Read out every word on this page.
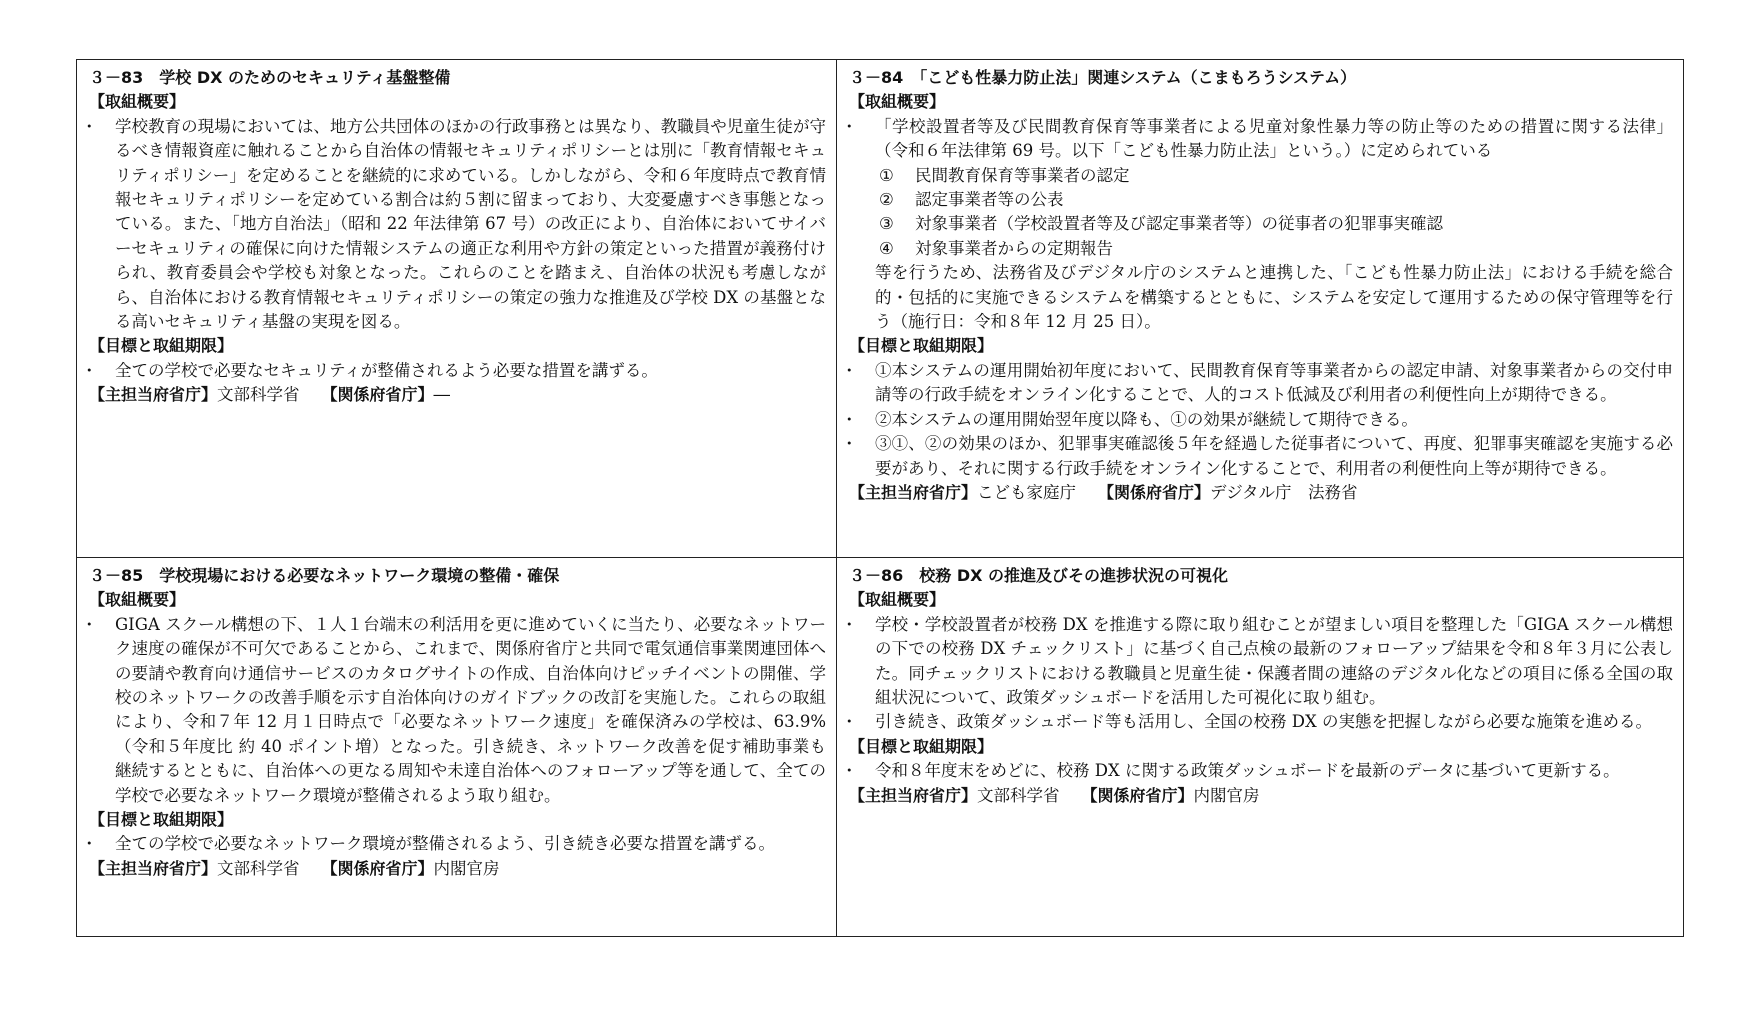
３－83　学校 DX のためのセキュリティ基盤整備
【取組概要】
・ 学校教育の現場においては、地方公共団体のほかの行政事務とは異なり、教職員や児童生徒が守るべき情報資産に触れることから自治体の情報セキュリティポリシーとは別に「教育情報セキュリティポリシー」を定めることを継続的に求めている。しかしながら、令和６年度時点で教育情報セキュリティポリシーを定めている割合は約５割に留まっており、大変憂慮すべき事態となっている。また、「地方自治法」（昭和 22 年法律第 67 号）の改正により、自治体においてサイバーセキュリティの確保に向けた情報システムの適正な利用や方針の策定といった措置が義務付けられ、教育委員会や学校も対象となった。これらのことを踏まえ、自治体の状況も考慮しながら、自治体における教育情報セキュリティポリシーの策定の強力な推進及び学校 DX の基盤となる高いセキュリティ基盤の実現を図る。
【目標と取組期限】
・ 全ての学校で必要なセキュリティが整備されるよう必要な措置を講ずる。
【主担当府省庁】文部科学省 【関係府省庁】―
３－84　「こども性暴力防止法」関連システム（こまもろうシステム）
【取組概要】
・ 「学校設置者等及び民間教育保育等事業者による児童対象性暴力等の防止等のための措置に関する法律」（令和６年法律第 69 号。以下「こども性暴力防止法」という。）に定められている
① 民間教育保育等事業者の認定
② 認定事業者等の公表
③ 対象事業者（学校設置者等及び認定事業者等）の従事者の犯罪事実確認
④ 対象事業者からの定期報告
等を行うため、法務省及びデジタル庁のシステムと連携した、「こども性暴力防止法」における手続を総合的・包括的に実施できるシステムを構築するとともに、システムを安定して運用するための保守管理等を行う（施行日：令和８年 12 月 25 日）。
【目標と取組期限】
・ ①本システムの運用開始初年度において、民間教育保育等事業者からの認定申請、対象事業者からの交付申請等の行政手続をオンライン化することで、人的コスト低減及び利用者の利便性向上が期待できる。
・ ②本システムの運用開始翌年度以降も、①の効果が継続して期待できる。
・ ③①、②の効果のほか、犯罪事実確認後５年を経過した従事者について、再度、犯罪事実確認を実施する必要があり、それに関する行政手続をオンライン化することで、利用者の利便性向上等が期待できる。
【主担当府省庁】こども家庭庁 【関係府省庁】デジタル庁　法務省
３－85　学校現場における必要なネットワーク環境の整備・確保
【取組概要】
・ GIGA スクール構想の下、１人１台端末の利活用を更に進めていくに当たり、必要なネットワーク速度の確保が不可欠であることから、これまで、関係府省庁と共同で電気通信事業関連団体への要請や教育向け通信サービスのカタログサイトの作成、自治体向けピッチイベントの開催、学校のネットワークの改善手順を示す自治体向けのガイドブックの改訂を実施した。これらの取組により、令和７年 12 月１日時点で「必要なネットワーク速度」を確保済みの学校は、63.9%（令和５年度比 約 40 ポイント増）となった。引き続き、ネットワーク改善を促す補助事業も継続するとともに、自治体への更なる周知や未達自治体へのフォローアップ等を通して、全ての学校で必要なネットワーク環境が整備されるよう取り組む。
【目標と取組期限】
・ 全ての学校で必要なネットワーク環境が整備されるよう、引き続き必要な措置を講ずる。
【主担当府省庁】文部科学省 【関係府省庁】内閣官房
３－86　校務 DX の推進及びその進捗状況の可視化
【取組概要】
・ 学校・学校設置者が校務 DX を推進する際に取り組むことが望ましい項目を整理した「GIGA スクール構想の下での校務 DX チェックリスト」に基づく自己点検の最新のフォローアップ結果を令和８年３月に公表した。同チェックリストにおける教職員と児童生徒・保護者間の連絡のデジタル化などの項目に係る全国の取組状況について、政策ダッシュボードを活用した可視化に取り組む。
・ 引き続き、政策ダッシュボード等も活用し、全国の校務 DX の実態を把握しながら必要な施策を進める。
【目標と取組期限】
・ 令和８年度末をめどに、校務 DX に関する政策ダッシュボードを最新のデータに基づいて更新する。
【主担当府省庁】文部科学省 【関係府省庁】内閣官房
